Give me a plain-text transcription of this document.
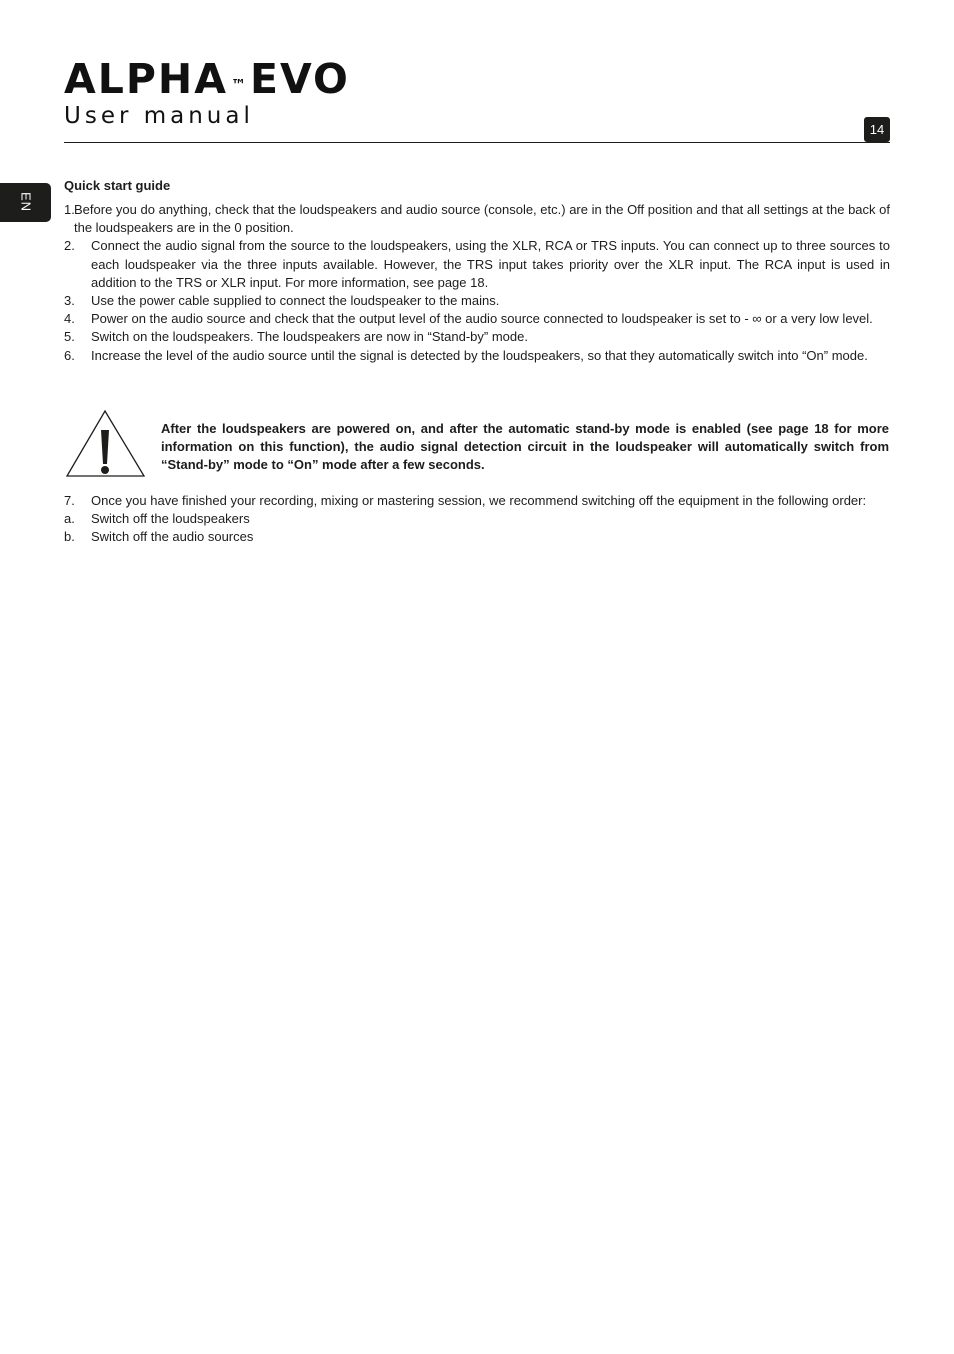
ALPHA ™EVO
User manual
14
EN
Quick start guide
1. Before you do anything, check that the loudspeakers and audio source (console, etc.) are in the Off position and that all settings at the back of the loudspeakers are in the 0 position.
2. Connect the audio signal from the source to the loudspeakers, using the XLR, RCA or TRS inputs. You can connect up to three sources to each loudspeaker via the three inputs available. However, the TRS input takes priority over the XLR input. The RCA input is used in addition to the TRS or XLR input. For more information, see page 18.
3. Use the power cable supplied to connect the loudspeaker to the mains.
4. Power on the audio source and check that the output level of the audio source connected to loudspeaker is set to - ∞ or a very low level.
5. Switch on the loudspeakers. The loudspeakers are now in “Stand-by” mode.
6. Increase the level of the audio source until the signal is detected by the loudspeakers, so that they automatically switch into “On” mode.
After the loudspeakers are powered on, and after the automatic stand-by mode is enabled (see page 18 for more information on this function), the audio signal detection circuit in the loudspeaker will automatically switch from “Stand-by” mode to “On” mode after a few seconds.
7. Once you have finished your recording, mixing or mastering session, we recommend switching off the equipment in the following order:
a. Switch off the loudspeakers
b. Switch off the audio sources
